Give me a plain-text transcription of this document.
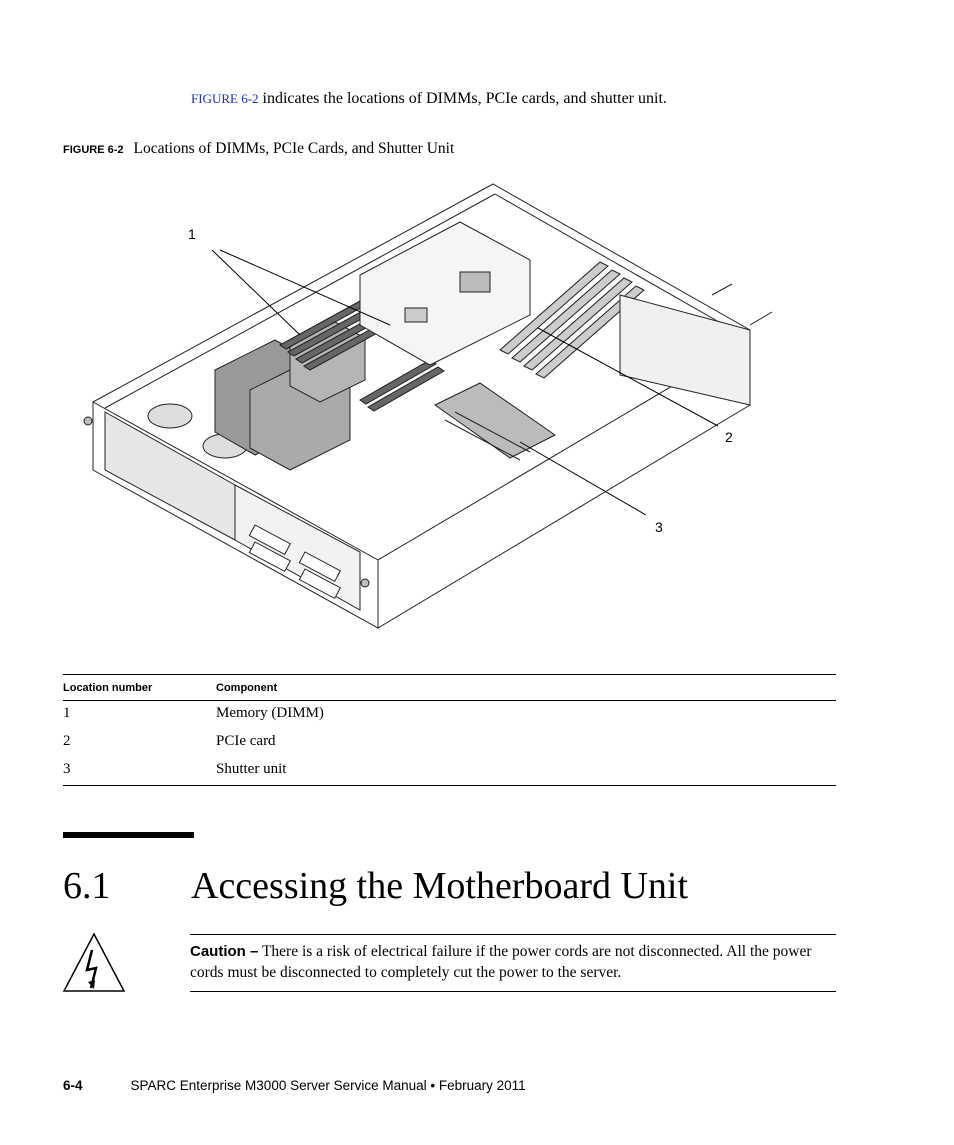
FIGURE 6-2 indicates the locations of DIMMs, PCIe cards, and shutter unit.
FIGURE 6-2 Locations of DIMMs, PCIe Cards, and Shutter Unit
1
2
3
Location number	Component
1	Memory (DIMM)
2	PCIe card
3	Shutter unit
6.1 Accessing the Motherboard Unit
Caution – There is a risk of electrical failure if the power cords are not disconnected. All the power cords must be disconnected to completely cut the power to the server.
6-4	SPARC Enterprise M3000 Server Service Manual • February 2011
